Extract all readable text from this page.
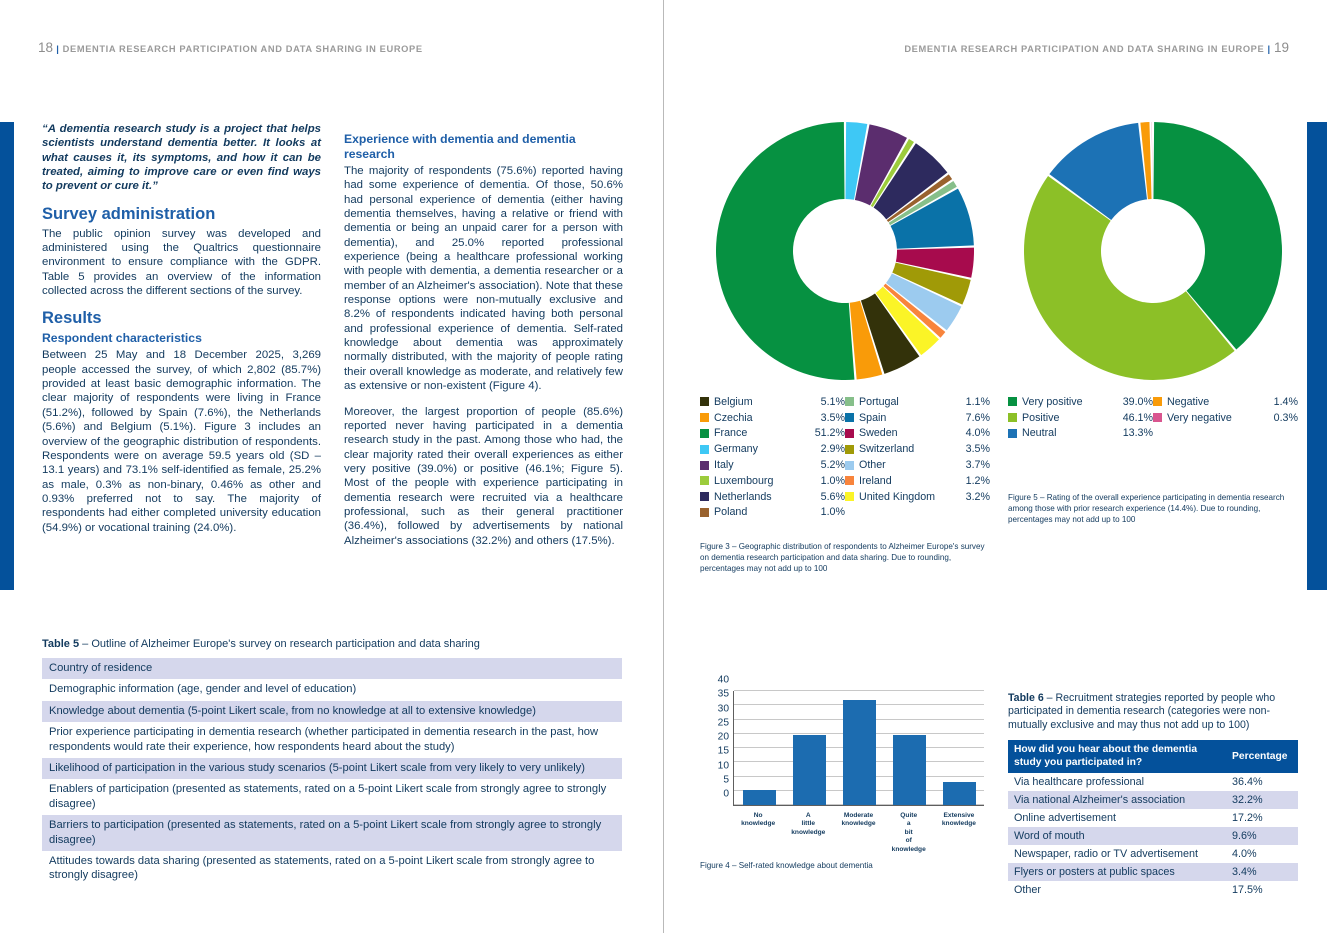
18 | DEMENTIA RESEARCH PARTICIPATION AND DATA SHARING IN EUROPE	DEMENTIA RESEARCH PARTICIPATION AND DATA SHARING IN EUROPE | 19

“A dementia research study is a project that helps scientists understand dementia better. It looks at what causes it, its symptoms, and how it can be treated, aiming to improve care or even find ways to prevent or cure it.”

Survey administration

The public opinion survey was developed and administered using the Qualtrics questionnaire environment to ensure compliance with the GDPR. Table 5 provides an overview of the information collected across the different sections of the survey.

Results
Respondent characteristics

Between 25 May and 18 December 2025, 3,269 people accessed the survey, of which 2,802 (85.7%) provided at least basic demographic information. The clear majority of respondents were living in France (51.2%), followed by Spain (7.6%), the Netherlands (5.6%) and Belgium (5.1%). Figure 3 includes an overview of the geographic distribution of respondents. Respondents were on average 59.5 years old (SD – 13.1 years) and 73.1% self-identified as female, 25.2% as male, 0.3% as non-binary, 0.46% as other and 0.93% preferred not to say. The majority of respondents had either completed university education (54.9%) or vocational training (24.0%).

Experience with dementia and dementia research

The majority of respondents (75.6%) reported having had some experience of dementia. Of those, 50.6% had personal experience of dementia (either having dementia themselves, having a relative or friend with dementia or being an unpaid carer for a person with dementia), and 25.0% reported professional experience (being a healthcare professional working with people with dementia, a dementia researcher or a member of an Alzheimer's association). Note that these response options were non-mutually exclusive and 8.2% of respondents indicated having both personal and professional experience of dementia. Self-rated knowledge about dementia was approximately normally distributed, with the majority of people rating their overall knowledge as moderate, and relatively few as extensive or non-existent (Figure 4).

Moreover, the largest proportion of people (85.6%) reported never having participated in a dementia research study in the past. Among those who had, the clear majority rated their overall experiences as either very positive (39.0%) or positive (46.1%; Figure 5). Most of the people with experience participating in dementia research were recruited via a healthcare professional, such as their general practitioner (36.4%), followed by advertisements by national Alzheimer's associations (32.2%) and others (17.5%).

Belgium	5.1%
Czechia	3.5%
France	51.2%
Germany	2.9%
Italy	5.2%
Luxembourg	1.0%
Netherlands	5.6%
Poland	1.0%
Portugal	1.1%
Spain	7.6%
Sweden	4.0%
Switzerland	3.5%
Other	3.7%
Ireland	1.2%
United Kingdom	3.2%
Figure 3 – Geographic distribution of respondents to Alzheimer Europe's survey on dementia research participation and data sharing. Due to rounding, percentages may not add up to 100
Very positive	39.0%
Positive	46.1%
Neutral	13.3%
Negative	1.4%
Very negative	0.3%
Figure 5 – Rating of the overall experience participating in dementia research among those with prior research experience (14.4%). Due to rounding, percentages may not add up to 100
Table 5 – Outline of Alzheimer Europe's survey on research participation and data sharing
Country of residence
Demographic information (age, gender and level of education)
Knowledge about dementia (5-point Likert scale, from no knowledge at all to extensive knowledge)
Prior experience participating in dementia research (whether participated in dementia research in the past, how respondents would rate their experience, how respondents heard about the study)
Likelihood of participation in the various study scenarios (5-point Likert scale from very likely to very unlikely)
Enablers of participation (presented as statements, rated on a 5-point Likert scale from strongly agree to strongly disagree)
Barriers to participation (presented as statements, rated on a 5-point Likert scale from strongly agree to strongly disagree)
Attitudes towards data sharing (presented as statements, rated on a 5-point Likert scale from strongly agree to strongly disagree)
0
5
10
15
20
25
30
35
40
No
knowledge
A
little
knowledge
Moderate
knowledge
Quite
a
bit
of
knowledge
Extensive
knowledge
Figure 4 – Self-rated knowledge about dementia
Table 6 – Recruitment strategies reported by people who participated in dementia research (categories were non-mutually exclusive and may thus not add up to 100)
How did you hear about the dementia study you participated in?	Percentage
Via healthcare professional	36.4%
Via national Alzheimer's association	32.2%
Online advertisement	17.2%
Word of mouth	9.6%
Newspaper, radio or TV advertisement	4.0%
Flyers or posters at public spaces	3.4%
Other	17.5%
